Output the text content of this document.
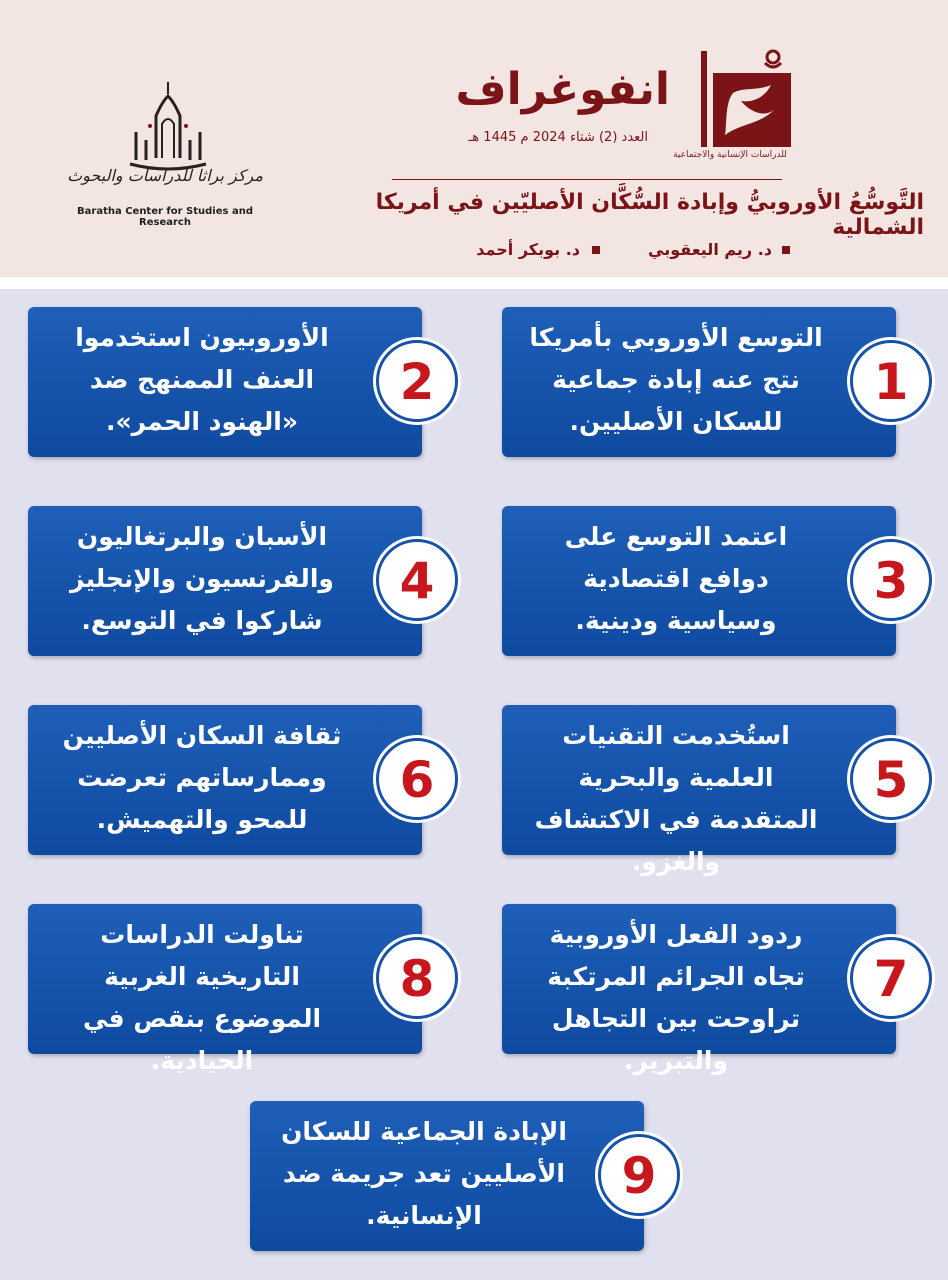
للدراسات الإنسانية والاجتماعية
انفوغراف
العدد (2) شتاء 2024 م 1445 هـ
التَّوسُّعُ الأوروبيُّ وإبادة السُّكَّان الأصليّين في أمريكا الشمالية
د. ريم اليعقوبي
د. بوبكر أحمد
مركز براثا للدراسات والبحوث
Baratha Center for Studies and Research
التوسع الأوروبي بأمريكا نتج عنه إبادة جماعية للسكان الأصليين.
1
الأوروبيون استخدموا العنف الممنهج ضد «الهنود الحمر».
2
اعتمد التوسع على دوافع اقتصادية وسياسية ودينية.
3
الأسبان والبرتغاليون والفرنسيون والإنجليز شاركوا في التوسع.
4
استُخدمت التقنيات العلمية والبحرية المتقدمة في الاكتشاف والغزو.
5
ثقافة السكان الأصليين وممارساتهم تعرضت للمحو والتهميش.
6
ردود الفعل الأوروبية تجاه الجرائم المرتكبة تراوحت بين التجاهل والتبرير.
7
تناولت الدراسات التاريخية الغربية الموضوع بنقص في الحيادية.
8
الإبادة الجماعية للسكان الأصليين تعد جريمة ضد الإنسانية.
9
